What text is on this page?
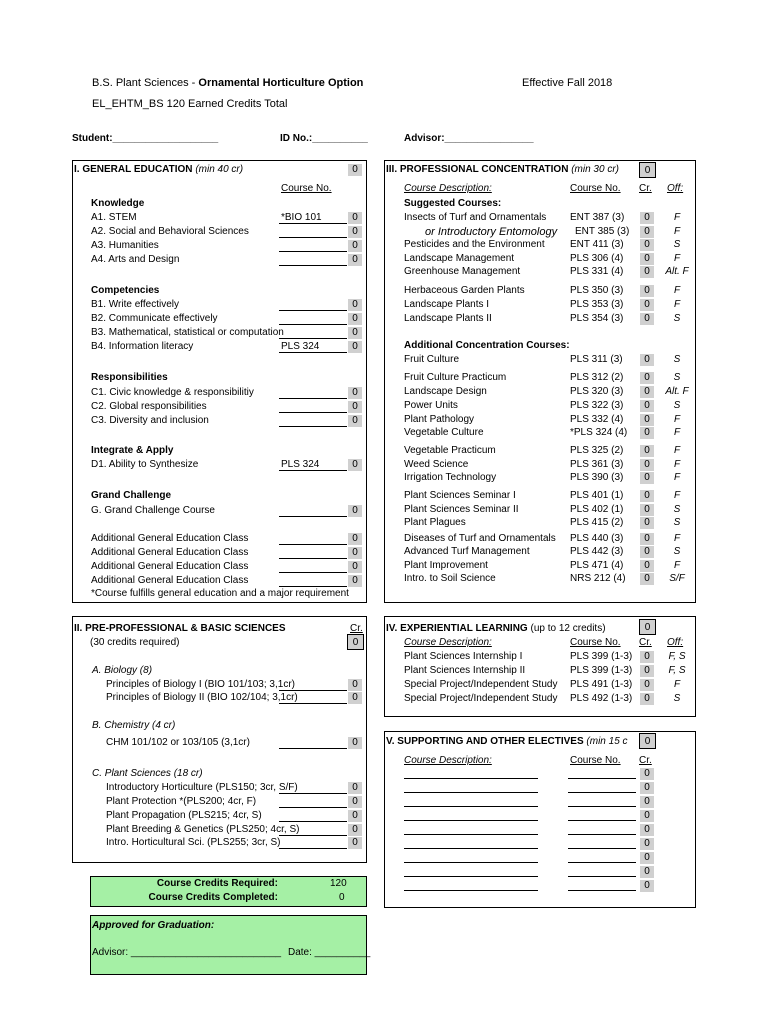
B.S. Plant Sciences - Ornamental Horticulture Option	Effective Fall 2018
EL_EHTM_BS 120 Earned Credits Total
Student:___________________	ID No.:__________	Advisor:________________
I. GENERAL EDUCATION (min 40 cr)	0
Course No.
Knowledge
A1. STEM	*BIO 101	0
A2. Social and Behavioral Sciences	0
A3. Humanities	0
A4. Arts and Design	0
Competencies
B1. Write effectively	0
B2. Communicate effectively	0
B3. Mathematical, statistical or computation	0
B4. Information literacy	PLS 324	0
Responsibilities
C1. Civic knowledge & responsibilitiy	0
C2. Global responsibilities	0
C3. Diversity and inclusion	0
Integrate & Apply
D1. Ability to Synthesize	PLS 324	0
Grand Challenge
G. Grand Challenge Course	0
Additional General Education Class	0
Additional General Education Class	0
Additional General Education Class	0
Additional General Education Class	0
*Course fulfills general education and a major requirement
III. PROFESSIONAL CONCENTRATION (min 30 cr)	0
Course Description:	Course No. Cr. Off:
Suggested Courses:
Additional Concentration Courses:
Insects of Turf and Ornamentals ENT 387 (3)	0	F
or Introductory Entomology ENT 385 (3)	0	F
Pesticides and the Environment	ENT 411 (3)	0	S
Landscape Management	PLS 306 (4)	0	F
Greenhouse Management	PLS 331 (4)	0	Alt. F
Herbaceous Garden Plants	PLS 350 (3)	0	F
Landscape Plants I	PLS 353 (3)	0	F
Landscape Plants II	PLS 354 (3)	0	S
Fruit Culture	PLS 311 (3)	0	S
Fruit Culture Practicum	PLS 312 (2)	0	S
Landscape Design	PLS 320 (3)	0	Alt. F
Power Units	PLS 322 (3)	0	S
Plant Pathology	PLS 332 (4)	0	F
Vegetable Culture	*PLS 324 (4)	0	F
Vegetable Practicum	PLS 325 (2)	0	F
Weed Science	PLS 361 (3)	0	F
Irrigation Technology	PLS 390 (3)	0	F
Plant Sciences Seminar I	PLS 401 (1)	0	F
Plant Sciences Seminar II	PLS 402 (1)	0	S
Plant Plagues	PLS 415 (2)	0	S
Diseases of Turf and Ornamentals PLS 440 (3)	0	F
Advanced Turf Management	PLS 442 (3)	0	S
Plant Improvement	PLS 471 (4)	0	F
Intro. to Soil Science	NRS 212 (4)	0	S/F
II. PRE-PROFESSIONAL & BASIC SCIENCES
(30 credits required)
Cr.
0
A. Biology (8)
B. Chemistry (4 cr)
C. Plant Sciences (18 cr)
Principles of Biology I (BIO 101/103; 3,1cr)	0
Principles of Biology II (BIO 102/104; 3,1cr)	0
CHM 101/102 or 103/105 (3,1cr)	0
Introductory Horticulture (PLS150; 3cr, S/F)	0
Plant Protection *(PLS200; 4cr, F)	0
Plant Propagation (PLS215; 4cr, S)	0
Plant Breeding & Genetics (PLS250; 4cr, S)	0
Intro. Horticultural Sci. (PLS255; 3cr, S)	0
IV. EXPERIENTIAL LEARNING (up to 12 credits)	0
Course Description:	Course No. Cr. Off:
Plant Sciences Internship I	PLS 399 (1-3)	0	F, S
Plant Sciences Internship II	PLS 399 (1-3)	0	F, S
Special Project/Independent Study PLS 491 (1-3)	0	F
Special Project/Independent Study PLS 492 (1-3)	0	S
V. SUPPORTING AND OTHER ELECTIVES (min 15 c	0
Course Description:	Course No. Cr.
0
0
0
0
0
0
0
0
0
Course Credits Required:	120
Course Credits Completed:	0
Approved for Graduation:
Advisor: ___________________________ Date: __________
